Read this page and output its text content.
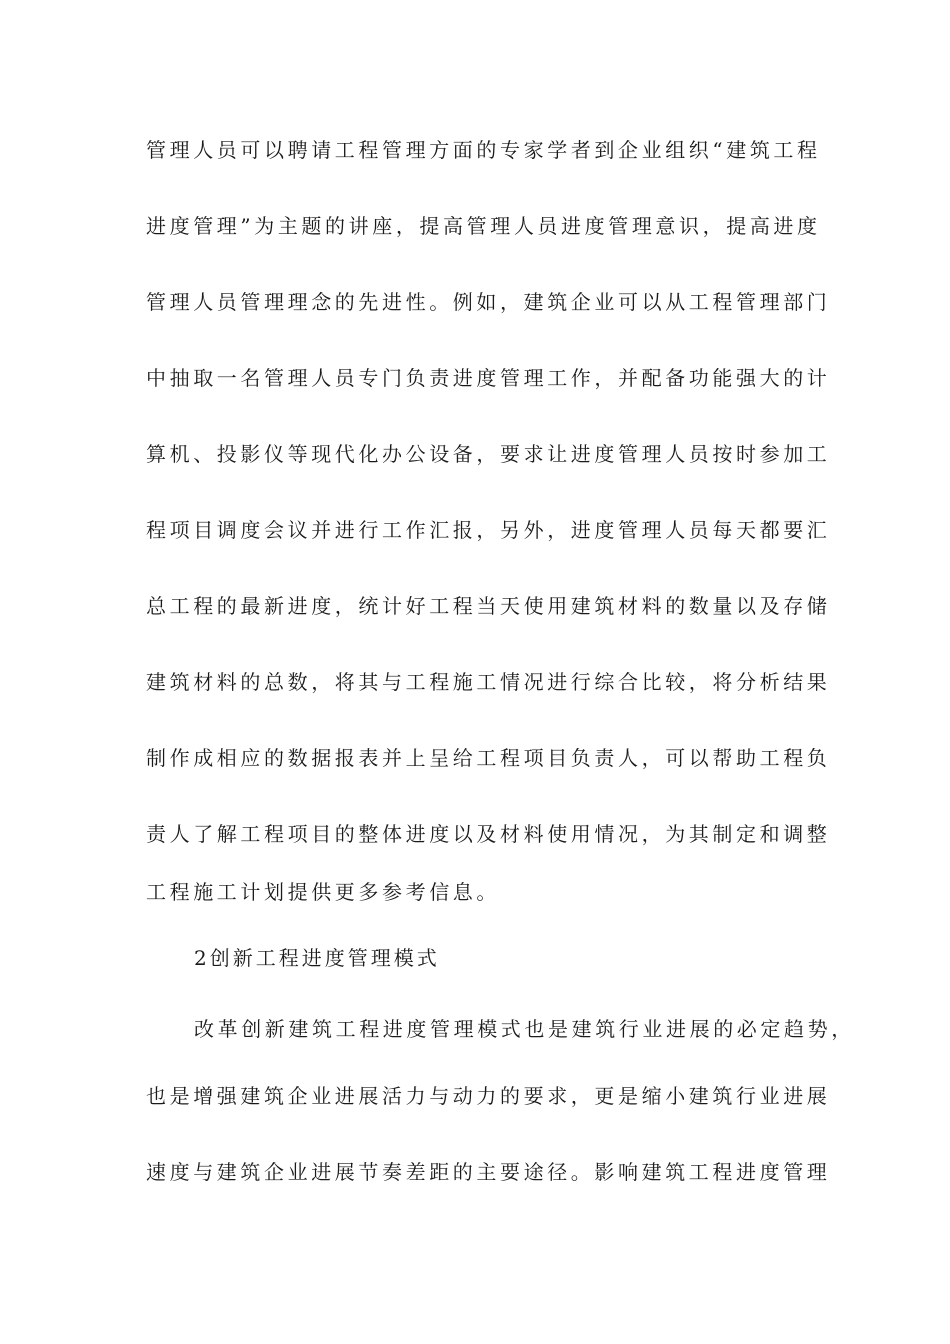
管理人员可以聘请工程管理方面的专家学者到企业组织“建筑工程
进度管理”为主题的讲座，提高管理人员进度管理意识，提高进度
管理人员管理理念的先进性。例如，建筑企业可以从工程管理部门
中抽取一名管理人员专门负责进度管理工作，并配备功能强大的计
算机、投影仪等现代化办公设备，要求让进度管理人员按时参加工
程项目调度会议并进行工作汇报，另外，进度管理人员每天都要汇
总工程的最新进度，统计好工程当天使用建筑材料的数量以及存储
建筑材料的总数，将其与工程施工情况进行综合比较，将分析结果
制作成相应的数据报表并上呈给工程项目负责人，可以帮助工程负
责人了解工程项目的整体进度以及材料使用情况，为其制定和调整
工程施工计划提供更多参考信息。
2创新工程进度管理模式
改革创新建筑工程进度管理模式也是建筑行业进展的必定趋势，
也是增强建筑企业进展活力与动力的要求，更是缩小建筑行业进展
速度与建筑企业进展节奏差距的主要途径。影响建筑工程进度管理
